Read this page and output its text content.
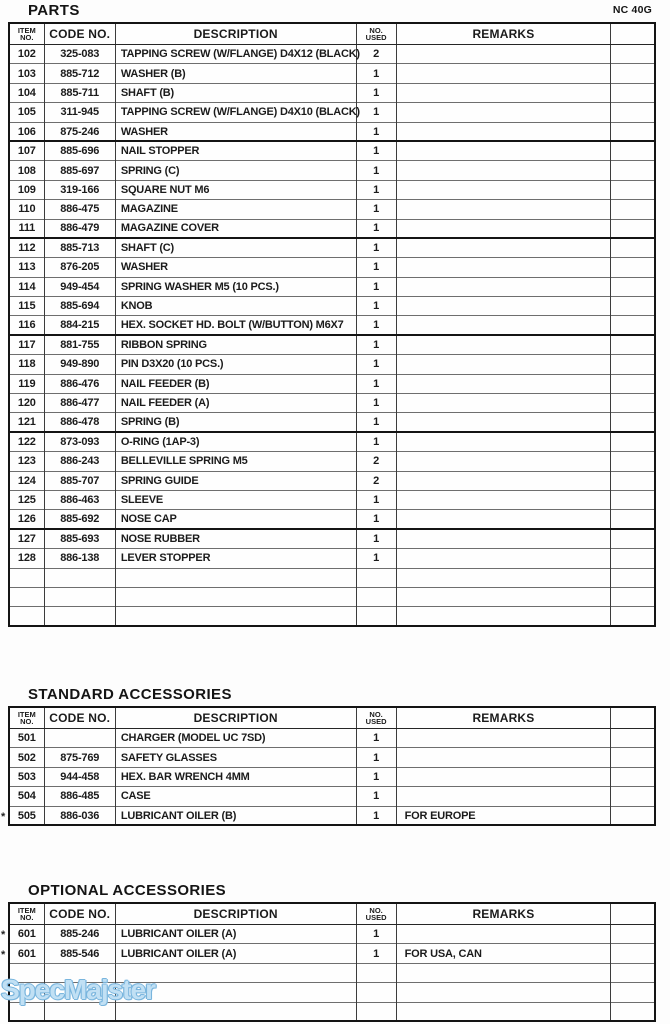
PARTS	NC 40G
ITEM
NO.	CODE NO.	DESCRIPTION	NO.
USED	REMARKS	
102	325-083	TAPPING SCREW (W/FLANGE) D4X12 (BLACK)	2		
103	885-712	WASHER (B)	1		
104	885-711	SHAFT (B)	1		
105	311-945	TAPPING SCREW (W/FLANGE) D4X10 (BLACK)	1		
106	875-246	WASHER	1		
107	885-696	NAIL STOPPER	1		
108	885-697	SPRING (C)	1		
109	319-166	SQUARE NUT M6	1		
110	886-475	MAGAZINE	1		
111	886-479	MAGAZINE COVER	1		
112	885-713	SHAFT (C)	1		
113	876-205	WASHER	1		
114	949-454	SPRING WASHER M5 (10 PCS.)	1		
115	885-694	KNOB	1		
116	884-215	HEX. SOCKET HD. BOLT (W/BUTTON) M6X7	1		
117	881-755	RIBBON SPRING	1		
118	949-890	PIN D3X20 (10 PCS.)	1		
119	886-476	NAIL FEEDER (B)	1		
120	886-477	NAIL FEEDER (A)	1		
121	886-478	SPRING (B)	1		
122	873-093	O-RING (1AP-3)	1		
123	886-243	BELLEVILLE SPRING M5	2		
124	885-707	SPRING GUIDE	2		
125	886-463	SLEEVE	1		
126	885-692	NOSE CAP	1		
127	885-693	NOSE RUBBER	1		
128	886-138	LEVER STOPPER	1		

STANDARD ACCESSORIES
ITEM
NO.	CODE NO.	DESCRIPTION	NO.
USED	REMARKS	
501		CHARGER (MODEL UC 7SD)	1		
502	875-769	SAFETY GLASSES	1		
503	944-458	HEX. BAR WRENCH 4MM	1		
504	886-485	CASE	1		

* 505	886-036	LUBRICANT OILER (B)	1	FOR EUROPE	
OPTIONAL ACCESSORIES
ITEM
NO.	CODE NO.	DESCRIPTION	NO.
USED	REMARKS	

* 601	885-246	LUBRICANT OILER (A)	1		

* 601	885-546	LUBRICANT OILER (A)	1	FOR USA, CAN	

SpecMajster
